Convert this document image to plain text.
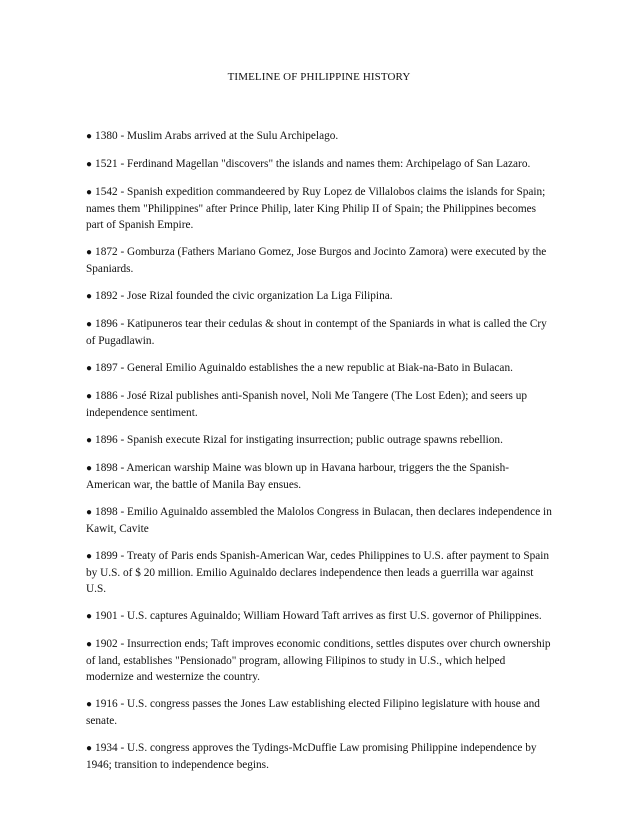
TIMELINE OF PHILIPPINE HISTORY

● 1380 - Muslim Arabs arrived at the Sulu Archipelago.

● 1521 - Ferdinand Magellan "discovers" the islands and names them: Archipelago of San Lazaro.

● 1542 - Spanish expedition commandeered by Ruy Lopez de Villalobos claims the islands for Spain; names them "Philippines" after Prince Philip, later King Philip II of Spain; the Philippines becomes part of Spanish Empire.

● 1872 - Gomburza (Fathers Mariano Gomez, Jose Burgos and Jocinto Zamora) were executed by the Spaniards.

● 1892 - Jose Rizal founded the civic organization La Liga Filipina.

● 1896 - Katipuneros tear their cedulas & shout in contempt of the Spaniards in what is called the Cry of Pugadlawin.

● 1897 - General Emilio Aguinaldo establishes the a new republic at Biak-na-Bato in Bulacan.

● 1886 - José Rizal publishes anti-Spanish novel, Noli Me Tangere (The Lost Eden); and seers up independence sentiment.

● 1896 - Spanish execute Rizal for instigating insurrection; public outrage spawns rebellion.

● 1898 - American warship Maine was blown up in Havana harbour, triggers the the Spanish-American war, the battle of Manila Bay ensues.

● 1898 - Emilio Aguinaldo assembled the Malolos Congress in Bulacan, then declares independence in Kawit, Cavite

● 1899 - Treaty of Paris ends Spanish-American War, cedes Philippines to U.S. after payment to Spain by U.S. of $ 20 million. Emilio Aguinaldo declares independence then leads a guerrilla war against U.S.

● 1901 - U.S. captures Aguinaldo; William Howard Taft arrives as first U.S. governor of Philippines.

● 1902 - Insurrection ends; Taft improves economic conditions, settles disputes over church ownership of land, establishes "Pensionado" program, allowing Filipinos to study in U.S., which helped modernize and westernize the country.

● 1916 - U.S. congress passes the Jones Law establishing elected Filipino legislature with house and senate.

● 1934 - U.S. congress approves the Tydings-McDuffie Law promising Philippine independence by 1946; transition to independence begins.
